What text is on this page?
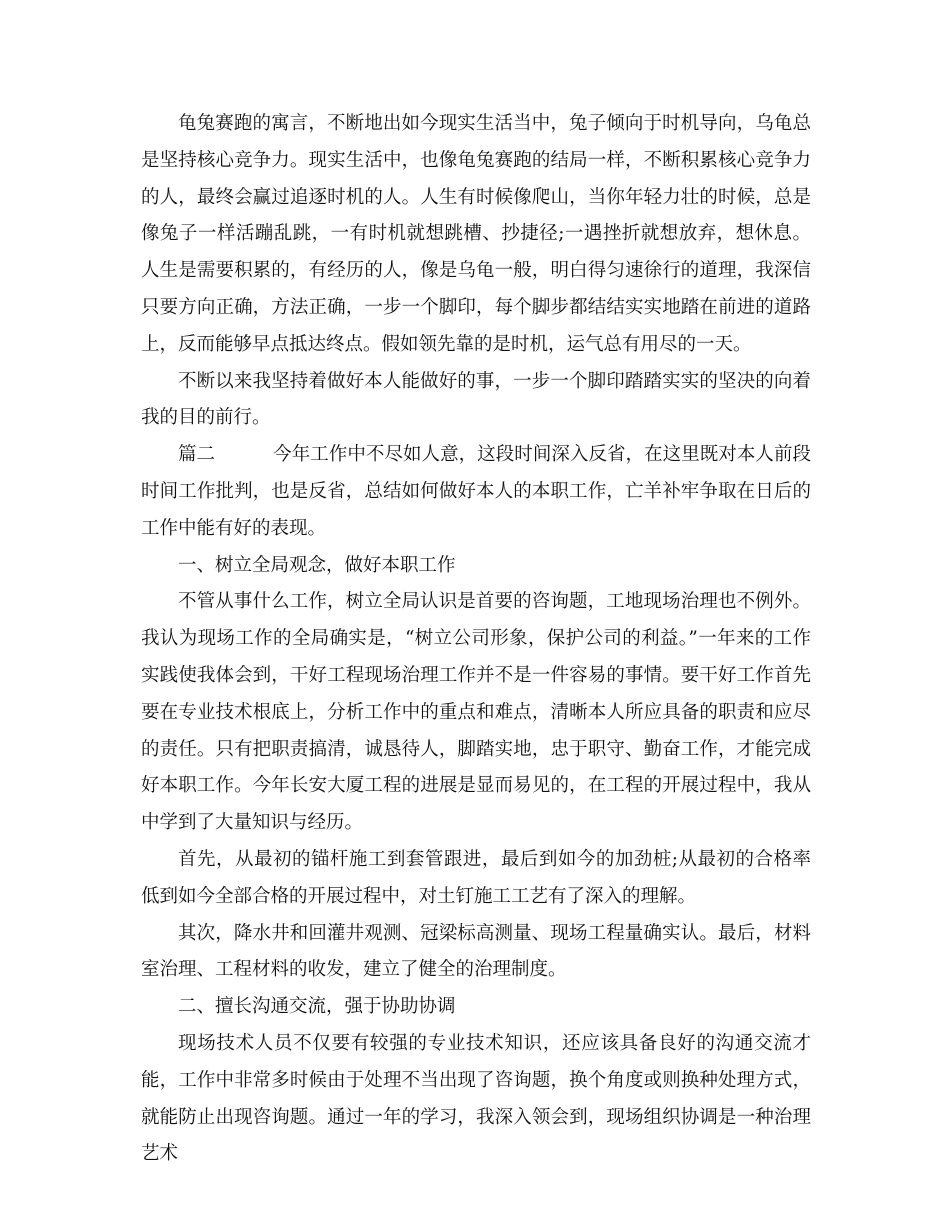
龟兔赛跑的寓言，不断地出如今现实生活当中，兔子倾向于时机导向，乌龟总是坚持核心竞争力。现实生活中，也像龟兔赛跑的结局一样，不断积累核心竞争力的人，最终会赢过追逐时机的人。人生有时候像爬山，当你年轻力壮的时候，总是像兔子一样活蹦乱跳，一有时机就想跳槽、抄捷径;一遇挫折就想放弃，想休息。人生是需要积累的，有经历的人，像是乌龟一般，明白得匀速徐行的道理，我深信只要方向正确，方法正确，一步一个脚印，每个脚步都结结实实地踏在前进的道路上，反而能够早点抵达终点。假如领先靠的是时机，运气总有用尽的一天。

不断以来我坚持着做好本人能做好的事，一步一个脚印踏踏实实的坚决的向着我的目的前行。

篇二	今年工作中不尽如人意，这段时间深入反省，在这里既对本人前段时间工作批判，也是反省，总结如何做好本人的本职工作，亡羊补牢争取在日后的工作中能有好的表现。

一、树立全局观念，做好本职工作

不管从事什么工作，树立全局认识是首要的咨询题，工地现场治理也不例外。我认为现场工作的全局确实是，“树立公司形象，保护公司的利益。”一年来的工作实践使我体会到，干好工程现场治理工作并不是一件容易的事情。要干好工作首先要在专业技术根底上，分析工作中的重点和难点，清晰本人所应具备的职责和应尽的责任。只有把职责搞清，诚恳待人，脚踏实地，忠于职守、勤奋工作，才能完成好本职工作。今年长安大厦工程的进展是显而易见的，在工程的开展过程中，我从中学到了大量知识与经历。

首先，从最初的锚杆施工到套管跟进，最后到如今的加劲桩;从最初的合格率低到如今全部合格的开展过程中，对土钉施工工艺有了深入的理解。

其次，降水井和回灌井观测、冠梁标高测量、现场工程量确实认。最后，材料室治理、工程材料的收发，建立了健全的治理制度。

二、擅长沟通交流，强于协助协调

现场技术人员不仅要有较强的专业技术知识，还应该具备良好的沟通交流才能，工作中非常多时候由于处理不当出现了咨询题，换个角度或则换种处理方式，就能防止出现咨询题。通过一年的学习，我深入领会到，现场组织协调是一种治理艺术
